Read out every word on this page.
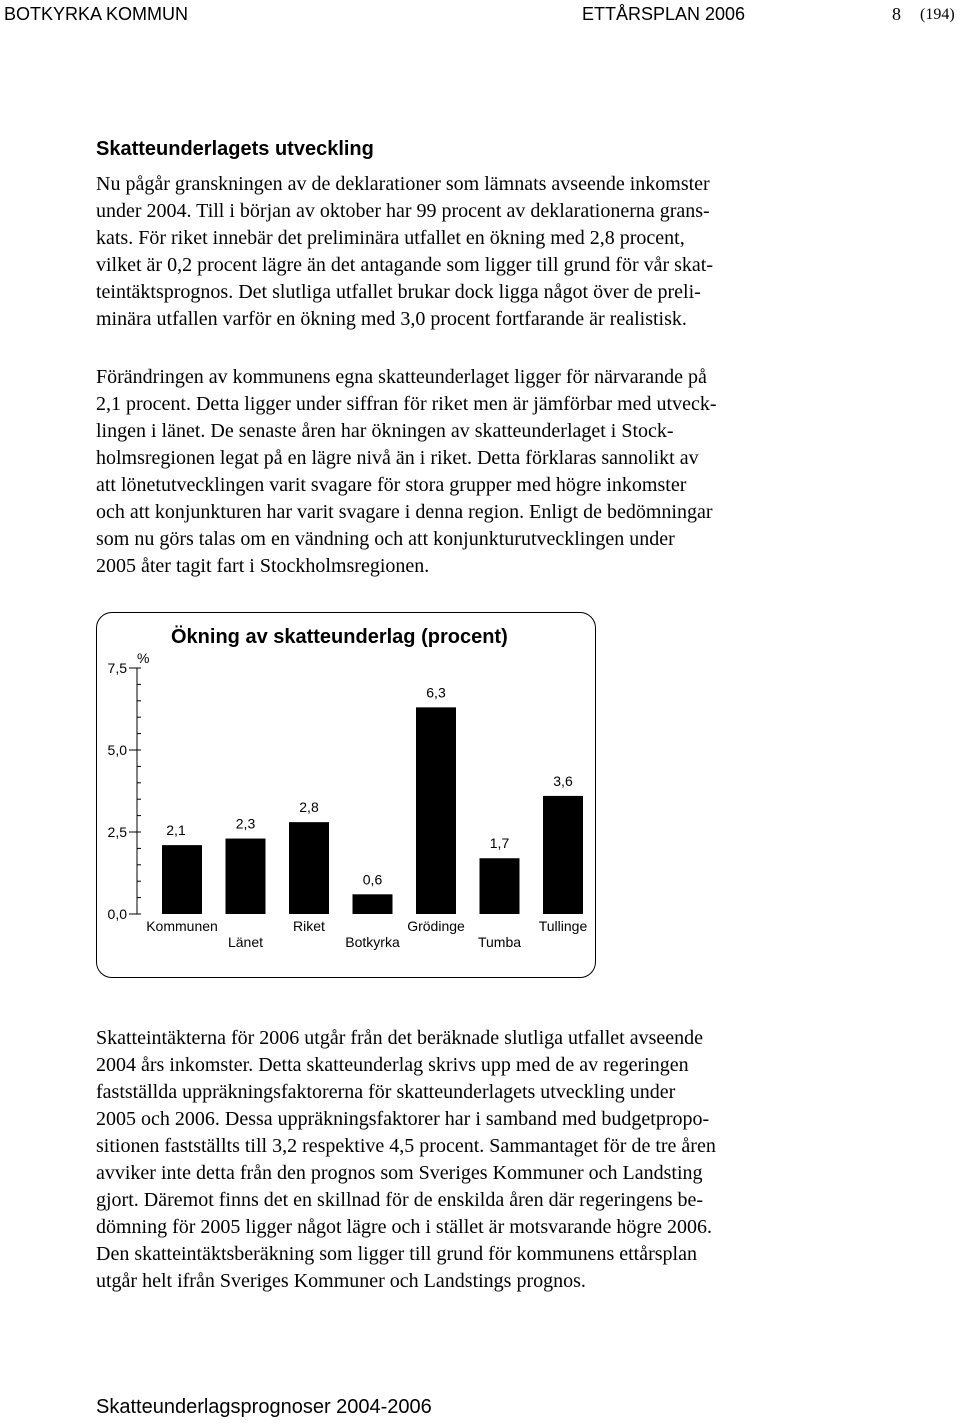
BOTKYRKA KOMMUN	ETTÅRSPLAN 2006	8 (194)
Skatteunderlagets utveckling
Nu pågår granskningen av de deklarationer som lämnats avseende inkomster
under 2004. Till i början av oktober har 99 procent av deklarationerna grans-
kats. För riket innebär det preliminära utfallet en ökning med 2,8 procent,
vilket är 0,2 procent lägre än det antagande som ligger till grund för vår skat-
teintäktsprognos. Det slutliga utfallet brukar dock ligga något över de preli-
minära utfallen varför en ökning med 3,0 procent fortfarande är realistisk.
Förändringen av kommunens egna skatteunderlaget ligger för närvarande på
2,1 procent. Detta ligger under siffran för riket men är jämförbar med utveck-
lingen i länet. De senaste åren har ökningen av skatteunderlaget i Stock-
holmsregionen legat på en lägre nivå än i riket. Detta förklaras sannolikt av
att lönetutvecklingen varit svagare för stora grupper med högre inkomster
och att konjunkturen har varit svagare i denna region. Enligt de bedömningar
som nu görs talas om en vändning och att konjunkturutvecklingen under
2005 åter tagit fart i Stockholmsregionen.
Ökning av skatteunderlag (procent)
%
0,0
2,5
5,0
7,5
2,1
Kommunen
2,3
Länet
2,8
Riket
0,6
Botkyrka
6,3
Grödinge
1,7
Tumba
3,6
Tullinge
Skatteintäkterna för 2006 utgår från det beräknade slutliga utfallet avseende
2004 års inkomster. Detta skatteunderlag skrivs upp med de av regeringen
fastställda uppräkningsfaktorerna för skatteunderlagets utveckling under
2005 och 2006. Dessa uppräkningsfaktorer har i samband med budgetpropo-
sitionen fastställts till 3,2 respektive 4,5 procent. Sammantaget för de tre åren
avviker inte detta från den prognos som Sveriges Kommuner och Landsting
gjort. Däremot finns det en skillnad för de enskilda åren där regeringens be-
dömning för 2005 ligger något lägre och i stället är motsvarande högre 2006.
Den skatteintäktsberäkning som ligger till grund för kommunens ettårsplan
utgår helt ifrån Sveriges Kommuner och Landstings prognos.
Skatteunderlagsprognoser 2004-2006
